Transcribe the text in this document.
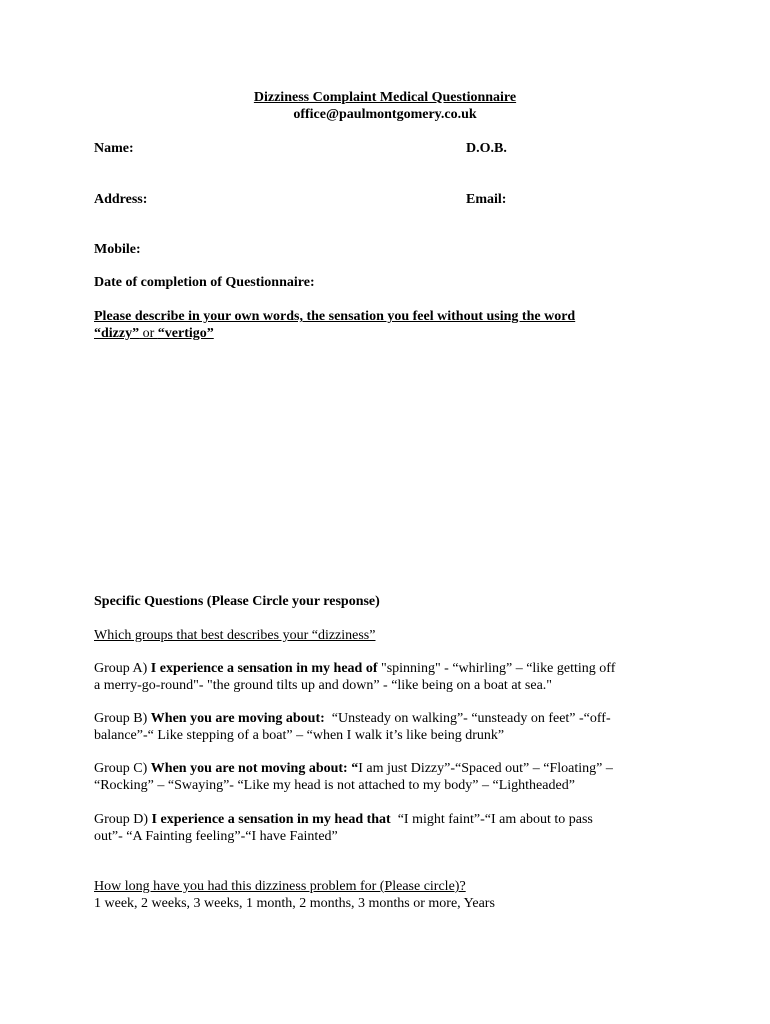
Dizziness Complaint Medical Questionnaire
office@paulmontgomery.co.uk
Name:	D.O.B.
Address:	Email:
Mobile:
Date of completion of Questionnaire:
Please describe in your own words, the sensation you feel without using the word
“dizzy” or “vertigo”
Specific Questions (Please Circle your response)
Which groups that best describes your “dizziness”
Group A) I experience a sensation in my head of "spinning" - “whirling” – “like getting off
a merry-go-round"- "the ground tilts up and down” - “like being on a boat at sea."
Group B) When you are moving about:  “Unsteady on walking”- “unsteady on feet” -“off-
balance”-“ Like stepping of a boat” – “when I walk it’s like being drunk”
Group C) When you are not moving about: “I am just Dizzy”-“Spaced out” – “Floating” –
“Rocking” – “Swaying”- “Like my head is not attached to my body” – “Lightheaded”
Group D) I experience a sensation in my head that  “I might faint”-“I am about to pass
out”- “A Fainting feeling”-“I have Fainted”
How long have you had this dizziness problem for (Please circle)?
1 week, 2 weeks, 3 weeks, 1 month, 2 months, 3 months or more, Years
